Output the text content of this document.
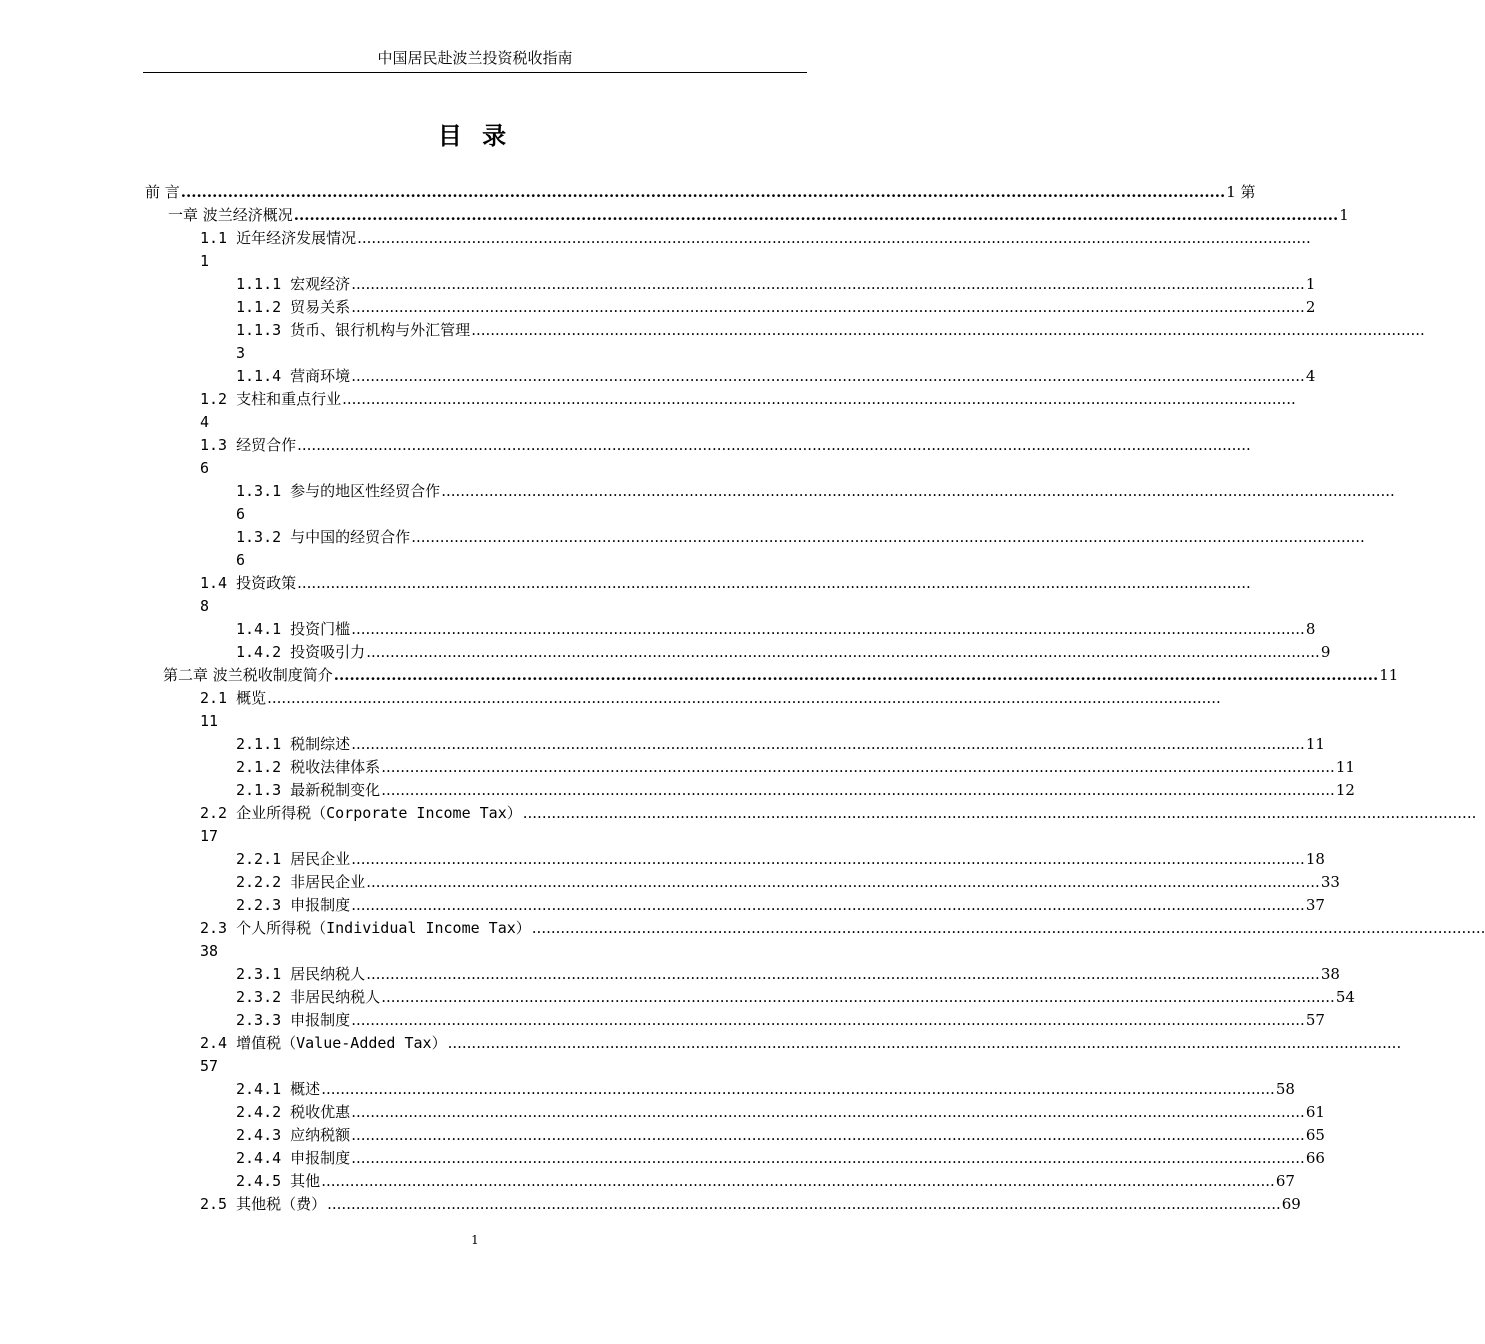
中国居民赴波兰投资税收指南
目 录
前 言 ........................................................................................................................................................................................................ 1 第
一章 波兰经济概况 ........................................................................................................................................................................................................ 1
1.1 近年经济发展情况 ........................................................................................................................................................................................................
1
1.1.1 宏观经济 ........................................................................................................................................................................................................ 1
1.1.2 贸易关系 ........................................................................................................................................................................................................ 2
1.1.3 货币、银行机构与外汇管理 ........................................................................................................................................................................................................
3
1.1.4 营商环境 ........................................................................................................................................................................................................ 4
1.2 支柱和重点行业 ........................................................................................................................................................................................................
4
1.3 经贸合作 ........................................................................................................................................................................................................
6
1.3.1 参与的地区性经贸合作 ........................................................................................................................................................................................................
6
1.3.2 与中国的经贸合作 ........................................................................................................................................................................................................
6
1.4 投资政策 ........................................................................................................................................................................................................
8
1.4.1 投资门槛 ........................................................................................................................................................................................................ 8
1.4.2 投资吸引力 ........................................................................................................................................................................................................ 9
第二章 波兰税收制度简介 ........................................................................................................................................................................................................ 11
2.1 概览 ........................................................................................................................................................................................................
11
2.1.1 税制综述 ........................................................................................................................................................................................................ 11
2.1.2 税收法律体系 ........................................................................................................................................................................................................ 11
2.1.3 最新税制变化 ........................................................................................................................................................................................................ 12
2.2 企业所得税（Corporate Income Tax） ........................................................................................................................................................................................................
17
2.2.1 居民企业 ........................................................................................................................................................................................................ 18
2.2.2 非居民企业 ........................................................................................................................................................................................................ 33
2.2.3 申报制度 ........................................................................................................................................................................................................ 37
2.3 个人所得税（Individual Income Tax） ........................................................................................................................................................................................................
38
2.3.1 居民纳税人 ........................................................................................................................................................................................................ 38
2.3.2 非居民纳税人 ........................................................................................................................................................................................................ 54
2.3.3 申报制度 ........................................................................................................................................................................................................ 57
2.4 增值税（Value-Added Tax） ........................................................................................................................................................................................................
57
2.4.1 概述 ........................................................................................................................................................................................................ 58
2.4.2 税收优惠 ........................................................................................................................................................................................................ 61
2.4.3 应纳税额 ........................................................................................................................................................................................................ 65
2.4.4 申报制度 ........................................................................................................................................................................................................ 66
2.4.5 其他 ........................................................................................................................................................................................................ 67
2.5 其他税（费） ........................................................................................................................................................................................................ 69
1
